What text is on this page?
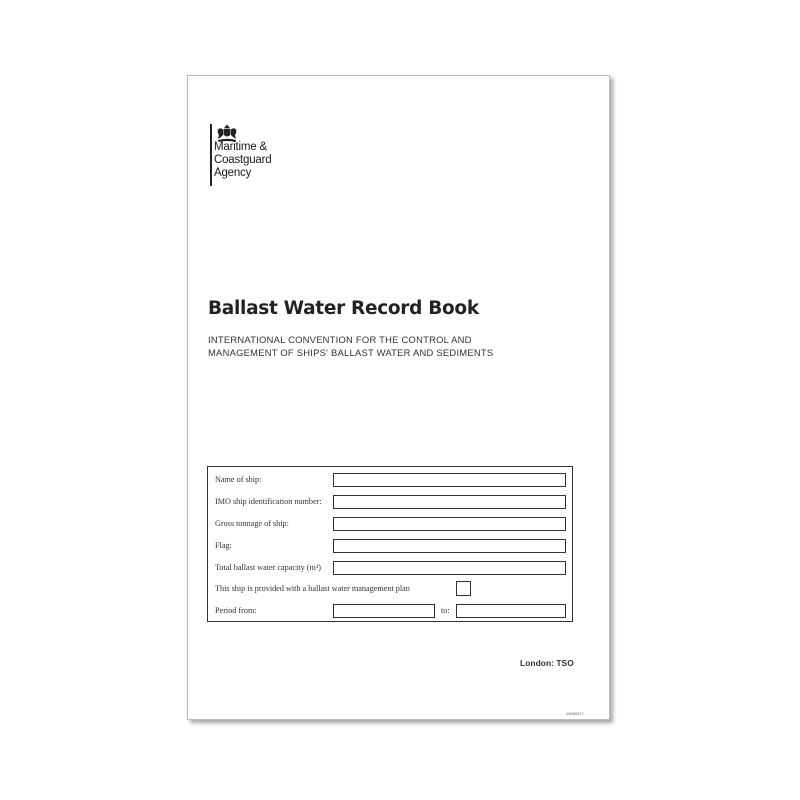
Maritime &
Coastguard
Agency
Ballast Water Record Book
INTERNATIONAL CONVENTION FOR THE CONTROL AND
MANAGEMENT OF SHIPS' BALLAST WATER AND SEDIMENTS
Name of ship:
IMO ship identification number:
Gross tonnage of ship:
Flag:
Total ballast water capacity (m³)
This ship is provided with a ballast water management plan
Period from:	to:
London: TSO
10080017
